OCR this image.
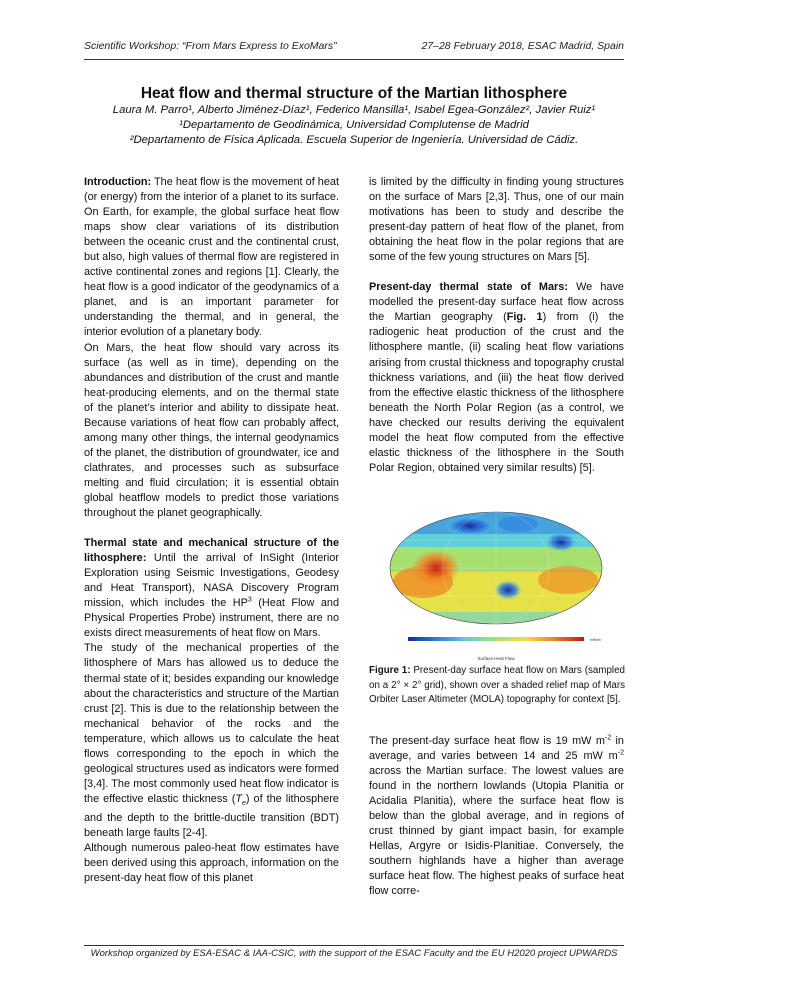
Scientific Workshop: “From Mars Express to ExoMars”	27–28 February 2018, ESAC Madrid, Spain
Heat flow and thermal structure of the Martian lithosphere
Laura M. Parro¹, Alberto Jiménez-Díaz¹, Federico Mansilla¹, Isabel Egea-González², Javier Ruiz¹
¹Departamento de Geodinámica, Universidad Complutense de Madrid
²Departamento de Física Aplicada. Escuela Superior de Ingeniería. Universidad de Cádiz.

Introduction: The heat flow is the movement of heat (or energy) from the interior of a planet to its surface. On Earth, for example, the global surface heat flow maps show clear variations of its distribution between the oceanic crust and the continental crust, but also, high values of thermal flow are registered in active continental zones and regions [1]. Clearly, the heat flow is a good indicator of the geodynamics of a planet, and is an important parameter for understanding the thermal, and in general, the interior evolution of a planetary body.

On Mars, the heat flow should vary across its surface (as well as in time), depending on the abundances and distribution of the crust and mantle heat-producing elements, and on the thermal state of the planet’s interior and ability to dissipate heat. Because variations of heat flow can probably affect, among many other things, the internal geodynamics of the planet, the distribution of groundwater, ice and clathrates, and processes such as subsurface melting and fluid circulation; it is essential obtain global heatflow models to predict those variations throughout the planet geographically.

Thermal state and mechanical structure of the lithosphere: Until the arrival of InSight (Interior Exploration using Seismic Investigations, Geodesy and Heat Transport), NASA Discovery Program mission, which includes the $HP^3$ (Heat Flow and Physical Properties Probe) instrument, there are no exists direct measurements of heat flow on Mars.

The study of the mechanical properties of the lithosphere of Mars has allowed us to deduce the thermal state of it; besides expanding our knowledge about the characteristics and structure of the Martian crust [2]. This is due to the relationship between the mechanical behavior of the rocks and the temperature, which allows us to calculate the heat flows corresponding to the epoch in which the geological structures used as indicators were formed [3,4]. The most commonly used heat flow indicator is the effective elastic thickness $(T_e)$ of the lithosphere and the depth to the brittle-ductile transition (BDT) beneath large faults [2-4].

Although numerous paleo-heat flow estimates have been derived using this approach, information on the present-day heat flow of this planet

is limited by the difficulty in finding young structures on the surface of Mars [2,3]. Thus, one of our main motivations has been to study and describe the present-day pattern of heat flow of the planet, from obtaining the heat flow in the polar regions that are some of the few young structures on Mars [5].

Present-day thermal state of Mars: We have modelled the present-day surface heat flow across the Martian geography (Fig. 1) from (i) the radiogenic heat production of the crust and the lithosphere mantle, (ii) scaling heat flow variations arising from crustal thickness and topography crustal thickness variations, and (iii) the heat flow derived from the effective elastic thickness of the lithosphere beneath the North Polar Region (as a control, we have checked our results deriving the equivalent model the heat flow computed from the effective elastic thickness of the lithosphere in the South Polar Region, obtained very similar results) [5].

mW/m²
Surface Heat Flow
Figure 1: Present-day surface heat flow on Mars (sampled on a 2° × 2° grid), shown over a shaded relief map of Mars Orbiter Laser Altimeter (MOLA) topography for context [5].

The present-day surface heat flow is 19 mW $m^{-2}$ in average, and varies between 14 and 25 mW $m^{-2}$ across the Martian surface. The lowest values are found in the northern lowlands (Utopia Planitia or Acidalia Planitia), where the surface heat flow is below than the global average, and in regions of crust thinned by giant impact basin, for example Hellas, Argyre or Isidis-Planitiae. Conversely, the southern highlands have a higher than average surface heat flow. The highest peaks of surface heat flow corre-

Workshop organized by ESA-ESAC & IAA-CSIC, with the support of the ESAC Faculty and the EU H2020 project UPWARDS
